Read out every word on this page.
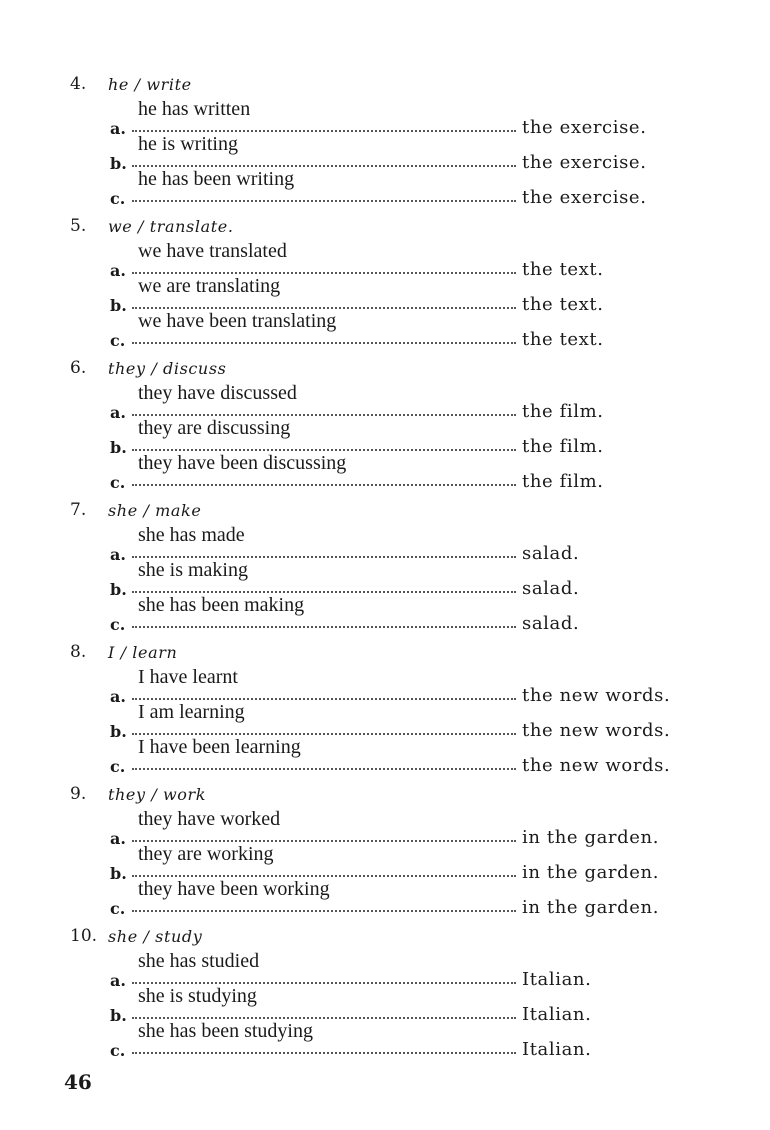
4. he / write
a.
he has written
the exercise.
b.
he is writing
the exercise.
c.
he has been writing
the exercise.
5. we / translate.
a.
we have translated
the text.
b.
we are translating
the text.
c.
we have been translating
the text.
6. they / discuss
a.
they have discussed
the film.
b.
they are discussing
the film.
c.
they have been discussing
the film.
7. she / make
a.
she has made
salad.
b.
she is making
salad.
c.
she has been making
salad.
8. I / learn
a.
I have learnt
the new words.
b.
I am learning
the new words.
c.
I have been learning
the new words.
9. they / work
a.
they have worked
in the garden.
b.
they are working
in the garden.
c.
they have been working
in the garden.
10. she / study
a.
she has studied
Italian.
b.
she is studying
Italian.
c.
she has been studying
Italian.
46
